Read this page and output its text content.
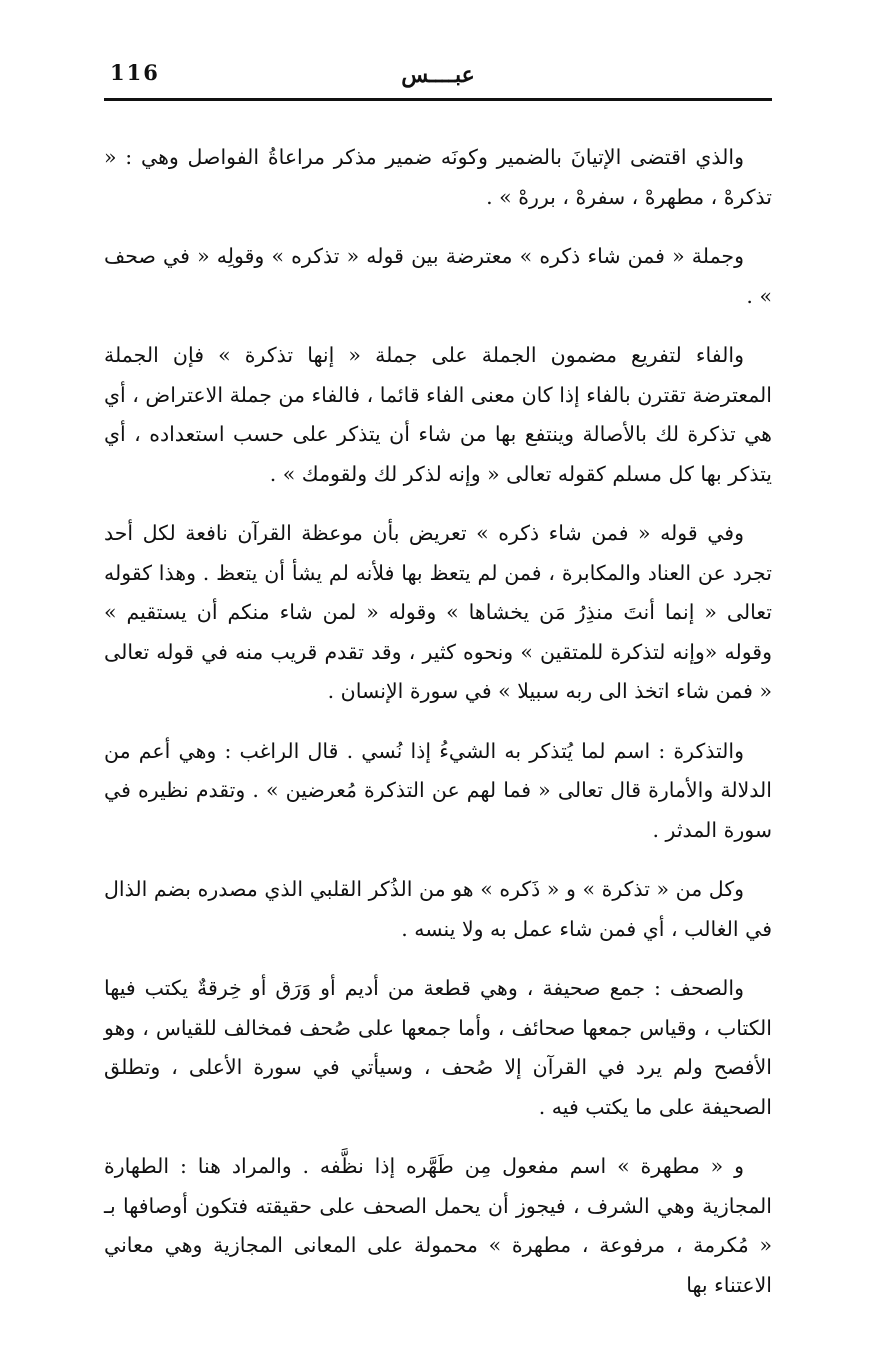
116	عبــــس

والذي اقتضى الإتيانَ بالضمير وكونَه ضمير مذكر مراعاةُ الفواصل وهي : « تذكرهْ ، مطهرهْ ، سفرهْ ، بررهْ » .

وجملة « فمن شاء ذكره » معترضة بين قوله « تذكره » وقولِه « في صحف » .

والفاء لتفريع مضمون الجملة على جملة « إنها تذكرة » فإن الجملة المعترضة تقترن بالفاء إذا كان معنى الفاء قائما ، فالفاء من جملة الاعتراض ، أي هي تذكرة لك بالأصالة وينتفع بها من شاء أن يتذكر على حسب استعداده ، أي يتذكر بها كل مسلم كقوله تعالى « وإنه لذكر لك ولقومك » .

وفي قوله « فمن شاء ذكره » تعريض بأن موعظة القرآن نافعة لكل أحد تجرد عن العناد والمكابرة ، فمن لم يتعظ بها فلأنه لم يشأ أن يتعظ . وهذا كقوله تعالى « إنما أنتَ منذِرُ مَن يخشاها » وقوله « لمن شاء منكم أن يستقيم » وقوله «وإنه لتذكرة للمتقين » ونحوه كثير ، وقد تقدم قريب منه في قوله تعالى « فمن شاء اتخذ الى ربه سبيلا » في سورة الإنسان .

والتذكرة : اسم لما يُتذكر به الشيءُ إذا نُسي . قال الراغب : وهي أعم من الدلالة والأمارة قال تعالى « فما لهم عن التذكرة مُعرضين » . وتقدم نظيره في سورة المدثر .

وكل من « تذكرة » و « ذَكره » هو من الذُكر القلبي الذي مصدره بضم الذال في الغالب ، أي فمن شاء عمل به ولا ينسه .

والصحف : جمع صحيفة ، وهي قطعة من أديم أو وَرَق أو خِرقةٌ يكتب فيها الكتاب ، وقياس جمعها صحائف ، وأما جمعها على صُحف فمخالف للقياس ، وهو الأفصح ولم يرد في القرآن إلا صُحف ، وسيأتي في سورة الأعلى ، وتطلق الصحيفة على ما يكتب فيه .

و « مطهرة » اسم مفعول مِن طَهَّره إذا نظَّفه . والمراد هنا : الطهارة المجازية وهي الشرف ، فيجوز أن يحمل الصحف على حقيقته فتكون أوصافها بـ « مُكرمة ، مرفوعة ، مطهرة » محمولة على المعانى المجازية وهي معاني الاعتناء بها
